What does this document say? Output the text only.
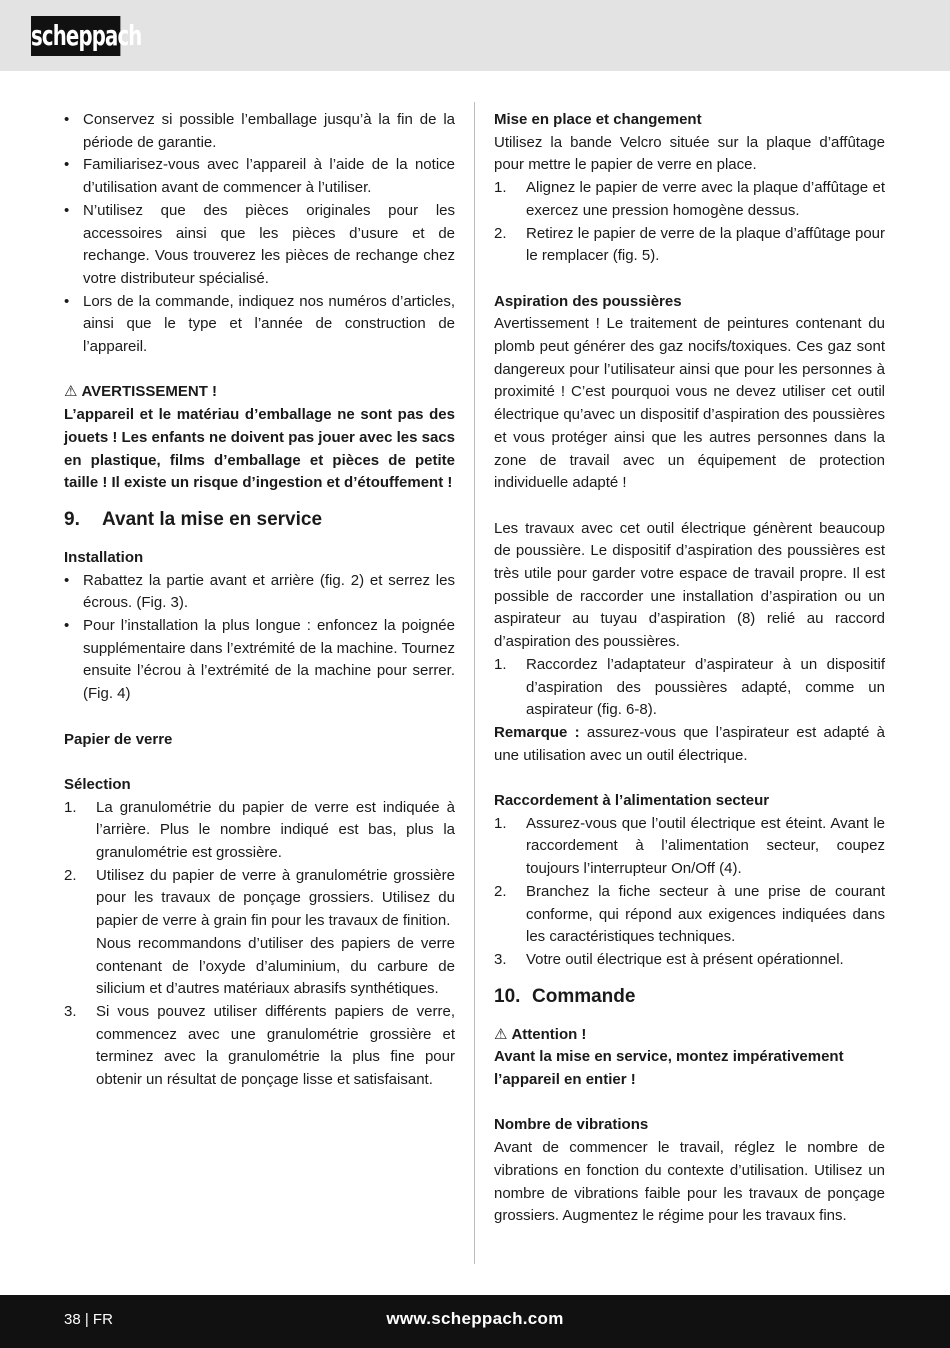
scheppach
• Conservez si possible l’emballage jusqu’à la fin de la période de garantie.
• Familiarisez-vous avec l’appareil à l’aide de la notice d’utilisation avant de commencer à l’utiliser.
• N’utilisez que des pièces originales pour les accessoires ainsi que les pièces d’usure et de rechange. Vous trouverez les pièces de rechange chez votre distributeur spécialisé.
• Lors de la commande, indiquez nos numéros d’articles, ainsi que le type et l’année de construction de l’appareil.

⚠ AVERTISSEMENT !

L’appareil et le matériau d’emballage ne sont pas des jouets ! Les enfants ne doivent pas jouer avec les sacs en plastique, films d’emballage et pièces de petite taille ! Il existe un risque d’ingestion et d’étouffement !

9. Avant la mise en service

Installation

• Rabattez la partie avant et arrière (fig. 2) et serrez les écrous. (Fig. 3).
• Pour l’installation la plus longue : enfoncez la poignée supplémentaire dans l’extrémité de la machine. Tournez ensuite l’écrou à l’extrémité de la machine pour serrer. (Fig. 4)

Papier de verre

Sélection

1. La granulométrie du papier de verre est indiquée à l’arrière. Plus le nombre indiqué est bas, plus la granulométrie est grossière.
2. Utilisez du papier de verre à granulométrie grossière pour les travaux de ponçage grossiers. Utilisez du papier de verre à grain fin pour les travaux de finition.
Nous recommandons d’utiliser des papiers de verre contenant de l’oxyde d’aluminium, du carbure de silicium et d’autres matériaux abrasifs synthétiques.
3. Si vous pouvez utiliser différents papiers de verre, commencez avec une granulométrie grossière et terminez avec la granulométrie la plus fine pour obtenir un résultat de ponçage lisse et satisfaisant.

Mise en place et changement

Utilisez la bande Velcro située sur la plaque d’affûtage pour mettre le papier de verre en place.

1. Alignez le papier de verre avec la plaque d’affûtage et exercez une pression homogène dessus.
2. Retirez le papier de verre de la plaque d’affûtage pour le remplacer (fig. 5).

Aspiration des poussières

Avertissement ! Le traitement de peintures contenant du plomb peut générer des gaz nocifs/toxiques. Ces gaz sont dangereux pour l’utilisateur ainsi que pour les personnes à proximité ! C’est pourquoi vous ne devez utiliser cet outil électrique qu’avec un dispositif d’aspiration des poussières et vous protéger ainsi que les autres personnes dans la zone de travail avec un équipement de protection individuelle adapté !

Les travaux avec cet outil électrique génèrent beaucoup de poussière. Le dispositif d’aspiration des poussières est très utile pour garder votre espace de travail propre. Il est possible de raccorder une installation d’aspiration ou un aspirateur au tuyau d’aspiration (8) relié au raccord d’aspiration des poussières.

1. Raccordez l’adaptateur d’aspirateur à un dispositif d’aspiration des poussières adapté, comme un aspirateur (fig. 6-8).

Remarque : assurez-vous que l’aspirateur est adapté à une utilisation avec un outil électrique.

Raccordement à l’alimentation secteur

1. Assurez-vous que l’outil électrique est éteint. Avant le raccordement à l’alimentation secteur, coupez toujours l’interrupteur On/Off (4).
2. Branchez la fiche secteur à une prise de courant conforme, qui répond aux exigences indiquées dans les caractéristiques techniques.
3. Votre outil électrique est à présent opérationnel.
10. Commande

⚠ Attention !

Avant la mise en service, montez impérativement l’appareil en entier !

Nombre de vibrations

Avant de commencer le travail, réglez le nombre de vibrations en fonction du contexte d’utilisation. Utilisez un nombre de vibrations faible pour les travaux de ponçage grossiers. Augmentez le régime pour les travaux fins.

38 | FR	www.scheppach.com
